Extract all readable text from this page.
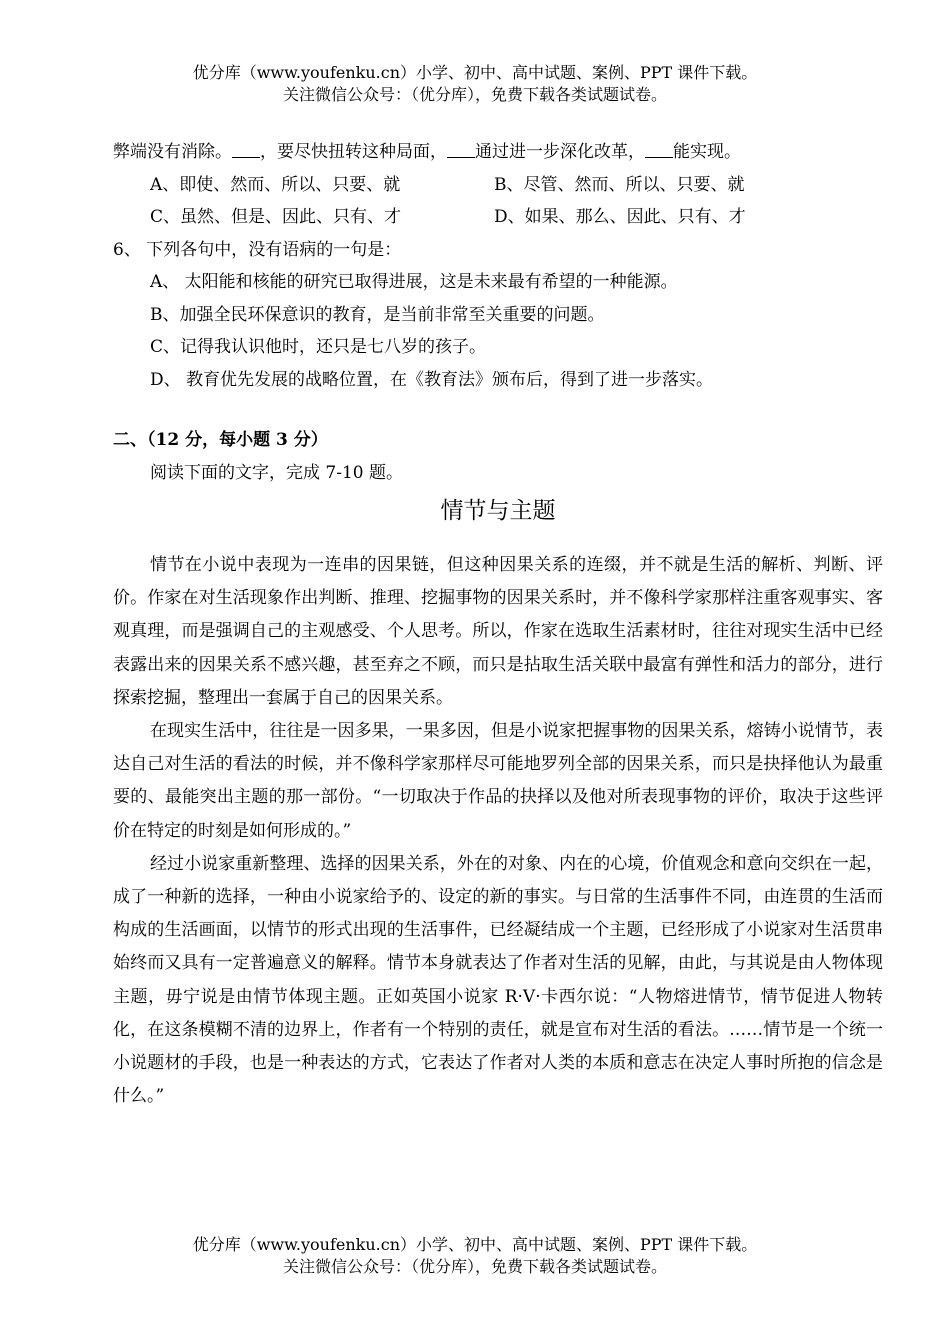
优分库（www.youfenku.cn）小学、初中、高中试题、案例、PPT 课件下载。
关注微信公众号：（优分库），免费下载各类试题试卷。
弊端没有消除。 ，要尽快扭转这种局面， 通过进一步深化改革， 能实现。
A、即使、然而、所以、只要、就	B、尽管、然而、所以、只要、就
C、虽然、但是、因此、只有、才	D、如果、那么、因此、只有、才
6、 下列各句中，没有语病的一句是：
A、 太阳能和核能的研究已取得进展，这是未来最有希望的一种能源。
B、加强全民环保意识的教育，是当前非常至关重要的问题。
C、记得我认识他时，还只是七八岁的孩子。
D、 教育优先发展的战略位置，在《教育法》颁布后，得到了进一步落实。
二、（12 分，每小题 3 分）
阅读下面的文字，完成 7-10 题。
情节与主题

情节在小说中表现为一连串的因果链，但这种因果关系的连缀，并不就是生活的解析、判断、评价。作家在对生活现象作出判断、推理、挖掘事物的因果关系时，并不像科学家那样注重客观事实、客观真理，而是强调自己的主观感受、个人思考。所以，作家在选取生活素材时，往往对现实生活中已经表露出来的因果关系不感兴趣，甚至弃之不顾，而只是拈取生活关联中最富有弹性和活力的部分，进行探索挖掘，整理出一套属于自己的因果关系。

在现实生活中，往往是一因多果，一果多因，但是小说家把握事物的因果关系，熔铸小说情节，表达自己对生活的看法的时候，并不像科学家那样尽可能地罗列全部的因果关系，而只是抉择他认为最重要的、最能突出主题的那一部份。“一切取决于作品的抉择以及他对所表现事物的评价，取决于这些评价在特定的时刻是如何形成的。”

经过小说家重新整理、选择的因果关系，外在的对象、内在的心境，价值观念和意向交织在一起，成了一种新的选择，一种由小说家给予的、设定的新的事实。与日常的生活事件不同，由连贯的生活而构成的生活画面，以情节的形式出现的生活事件，已经凝结成一个主题，已经形成了小说家对生活贯串始终而又具有一定普遍意义的解释。情节本身就表达了作者对生活的见解，由此，与其说是由人物体现主题，毋宁说是由情节体现主题。正如英国小说家 R·V·卡西尔说：“人物熔进情节，情节促进人物转化，在这条模糊不清的边界上，作者有一个特别的责任，就是宣布对生活的看法。……情节是一个统一小说题材的手段，也是一种表达的方式，它表达了作者对人类的本质和意志在决定人事时所抱的信念是什么。”

优分库（www.youfenku.cn）小学、初中、高中试题、案例、PPT 课件下载。
关注微信公众号：（优分库），免费下载各类试题试卷。
